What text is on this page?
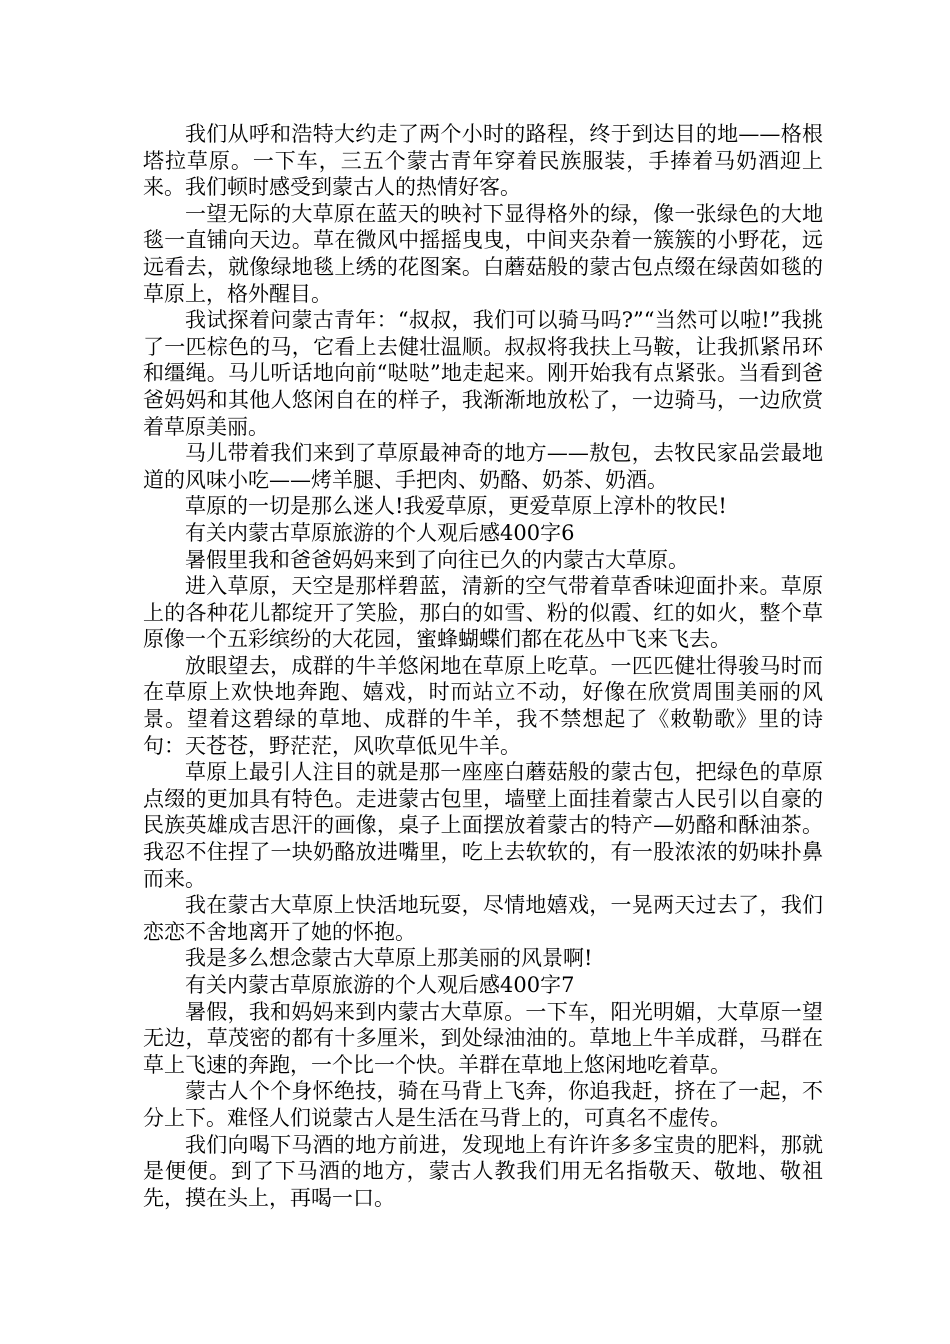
我们从呼和浩特大约走了两个小时的路程，终于到达目的地——格根塔拉草原。一下车，三五个蒙古青年穿着民族服装，手捧着马奶酒迎上来。我们顿时感受到蒙古人的热情好客。

一望无际的大草原在蓝天的映衬下显得格外的绿，像一张绿色的大地毯一直铺向天边。草在微风中摇摇曳曳，中间夹杂着一簇簇的小野花，远远看去，就像绿地毯上绣的花图案。白蘑菇般的蒙古包点缀在绿茵如毯的草原上，格外醒目。

我试探着问蒙古青年：“叔叔，我们可以骑马吗?”“当然可以啦!”我挑了一匹棕色的马，它看上去健壮温顺。叔叔将我扶上马鞍，让我抓紧吊环和缰绳。马儿听话地向前“哒哒”地走起来。刚开始我有点紧张。当看到爸爸妈妈和其他人悠闲自在的样子，我渐渐地放松了，一边骑马，一边欣赏着草原美丽。

马儿带着我们来到了草原最神奇的地方——敖包，去牧民家品尝最地道的风味小吃——烤羊腿、手把肉、奶酪、奶茶、奶酒。

草原的一切是那么迷人!我爱草原，更爱草原上淳朴的牧民!

有关内蒙古草原旅游的个人观后感400字6

暑假里我和爸爸妈妈来到了向往已久的内蒙古大草原。

进入草原，天空是那样碧蓝，清新的空气带着草香味迎面扑来。草原上的各种花儿都绽开了笑脸，那白的如雪、粉的似霞、红的如火，整个草原像一个五彩缤纷的大花园，蜜蜂蝴蝶们都在花丛中飞来飞去。

放眼望去，成群的牛羊悠闲地在草原上吃草。一匹匹健壮得骏马时而在草原上欢快地奔跑、嬉戏，时而站立不动，好像在欣赏周围美丽的风景。望着这碧绿的草地、成群的牛羊，我不禁想起了《敕勒歌》里的诗句：天苍苍，野茫茫，风吹草低见牛羊。

草原上最引人注目的就是那一座座白蘑菇般的蒙古包，把绿色的草原点缀的更加具有特色。走进蒙古包里，墙壁上面挂着蒙古人民引以自豪的民族英雄成吉思汗的画像，桌子上面摆放着蒙古的特产—奶酪和酥油茶。我忍不住捏了一块奶酪放进嘴里，吃上去软软的，有一股浓浓的奶味扑鼻而来。

我在蒙古大草原上快活地玩耍，尽情地嬉戏，一晃两天过去了，我们恋恋不舍地离开了她的怀抱。

我是多么想念蒙古大草原上那美丽的风景啊!

有关内蒙古草原旅游的个人观后感400字7

暑假，我和妈妈来到内蒙古大草原。一下车，阳光明媚，大草原一望无边，草茂密的都有十多厘米，到处绿油油的。草地上牛羊成群，马群在草上飞速的奔跑，一个比一个快。羊群在草地上悠闲地吃着草。

蒙古人个个身怀绝技，骑在马背上飞奔，你追我赶，挤在了一起，不分上下。难怪人们说蒙古人是生活在马背上的，可真名不虚传。

我们向喝下马酒的地方前进，发现地上有许许多多宝贵的肥料，那就是便便。到了下马酒的地方，蒙古人教我们用无名指敬天、敬地、敬祖先，摸在头上，再喝一口。
